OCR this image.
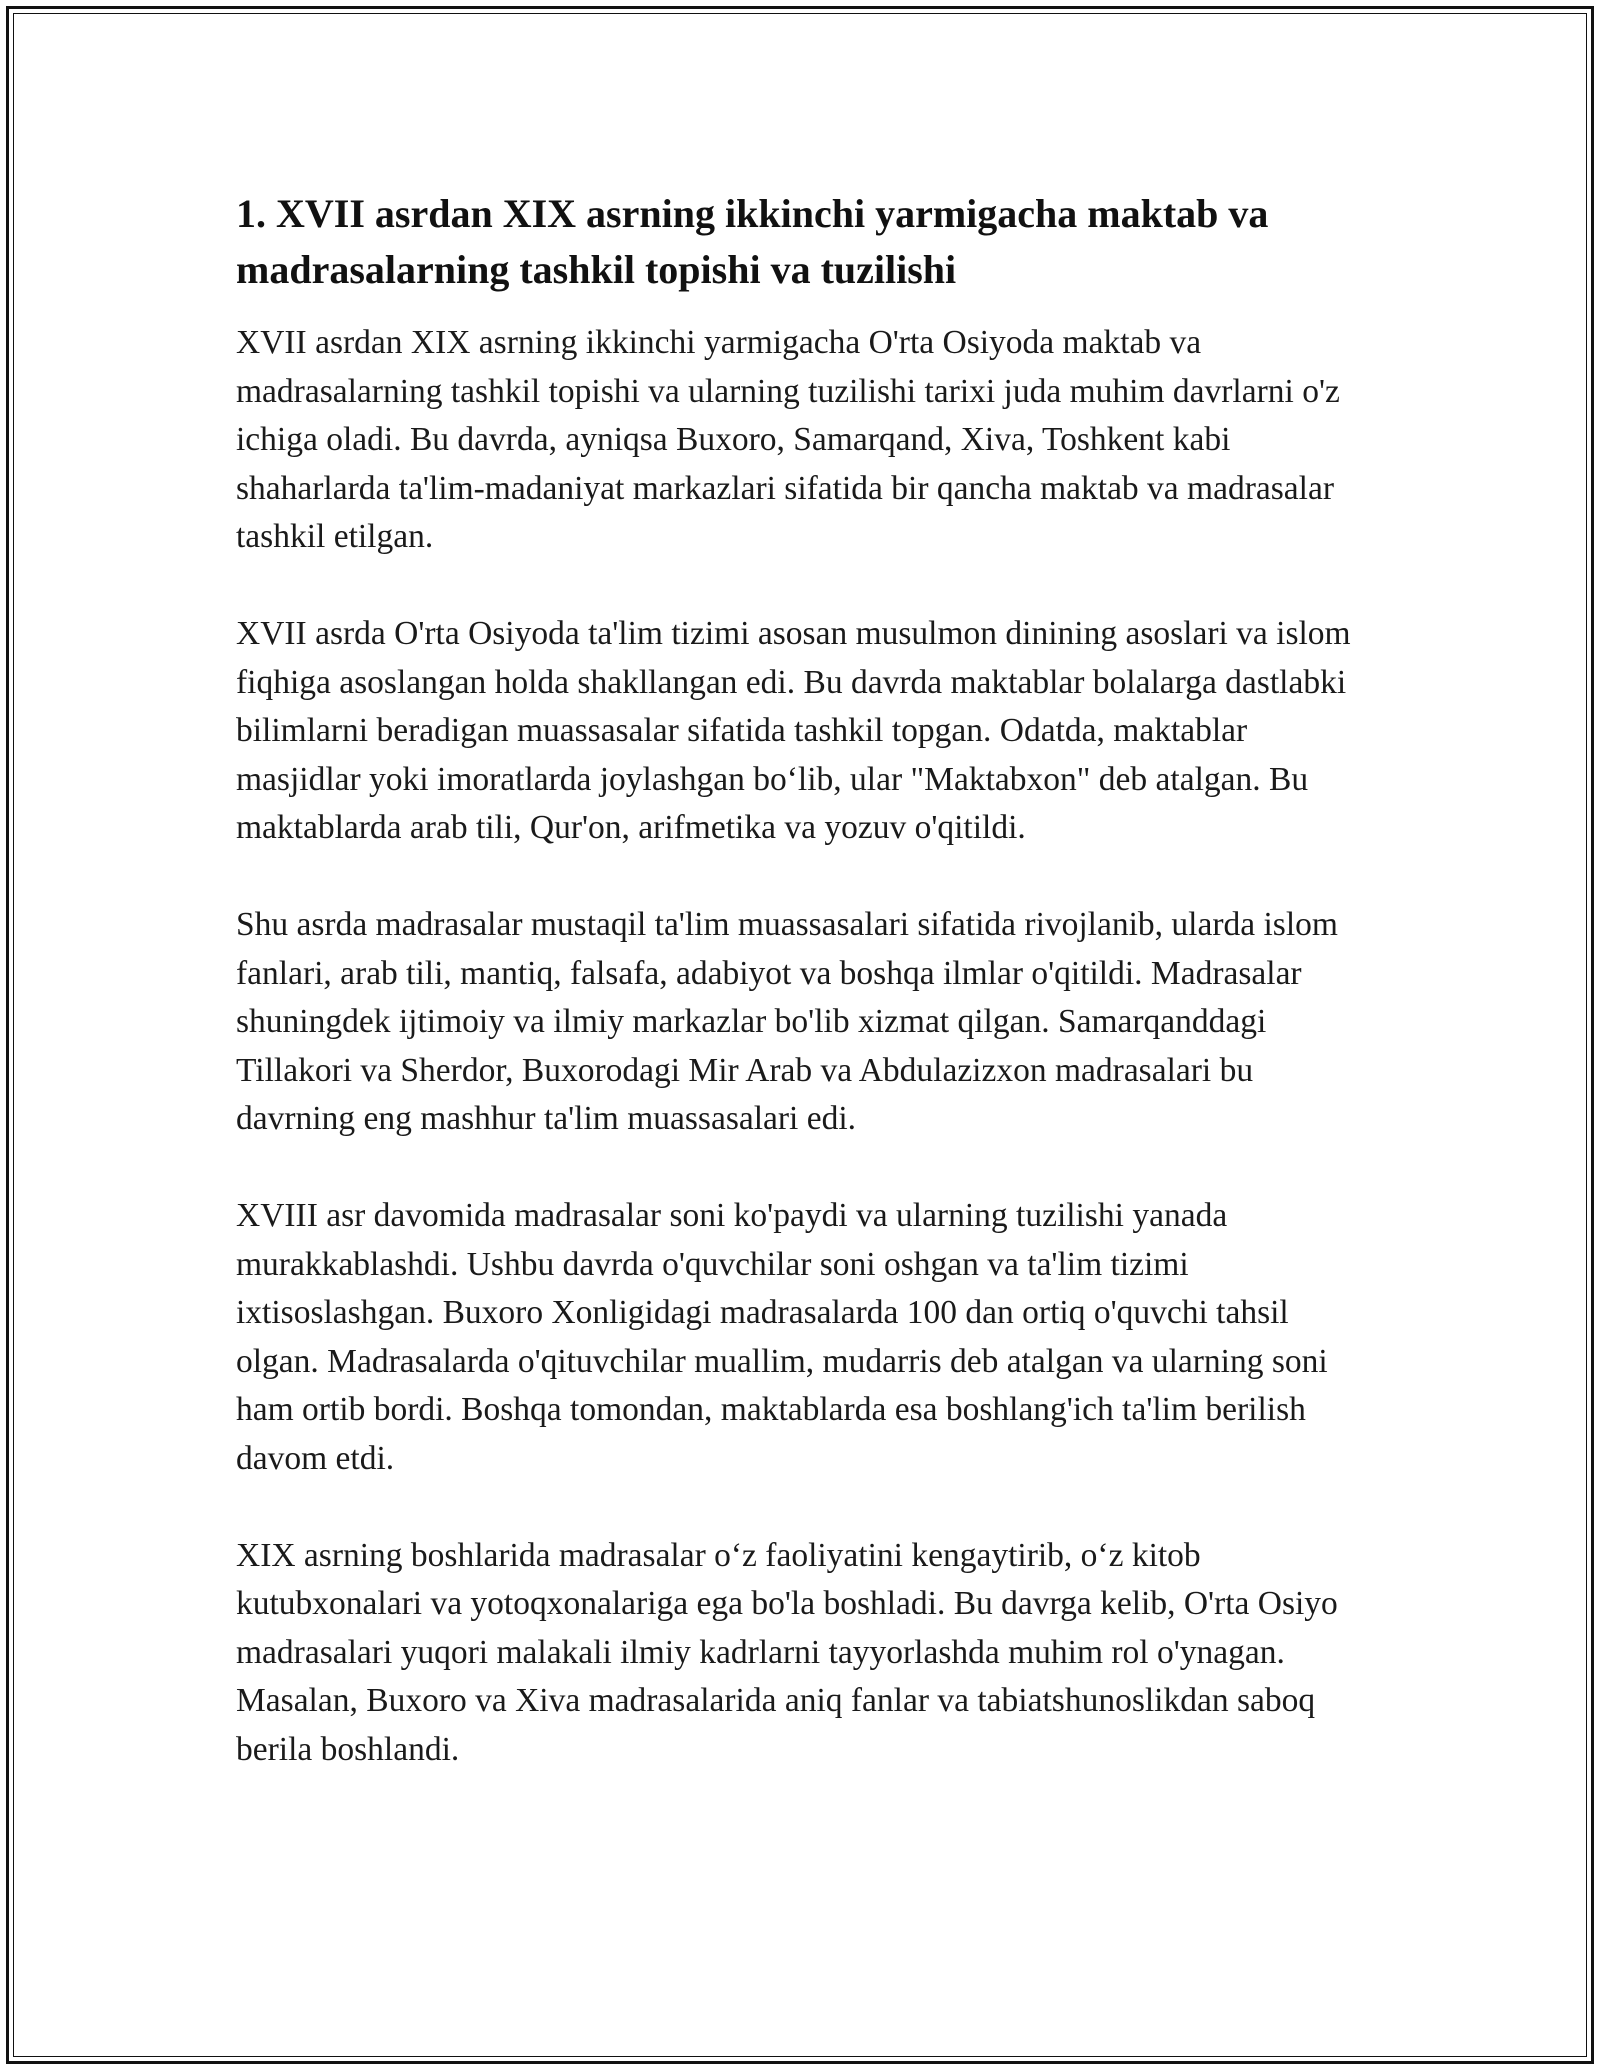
1. XVII asrdan XIX asrning ikkinchi yarmigacha maktab va madrasalarning tashkil topishi va tuzilishi

XVII asrdan XIX asrning ikkinchi yarmigacha O'rta Osiyoda maktab va madrasalarning tashkil topishi va ularning tuzilishi tarixi juda muhim davrlarni o'z ichiga oladi. Bu davrda, ayniqsa Buxoro, Samarqand, Xiva, Toshkent kabi shaharlarda ta'lim-madaniyat markazlari sifatida bir qancha maktab va madrasalar tashkil etilgan.

XVII asrda O'rta Osiyoda ta'lim tizimi asosan musulmon dinining asoslari va islom fiqhiga asoslangan holda shakllangan edi. Bu davrda maktablar bolalarga dastlabki bilimlarni beradigan muassasalar sifatida tashkil topgan. Odatda, maktablar masjidlar yoki imoratlarda joylashgan bo‘lib, ular "Maktabxon" deb atalgan. Bu maktablarda arab tili, Qur'on, arifmetika va yozuv o'qitildi.

Shu asrda madrasalar mustaqil ta'lim muassasalari sifatida rivojlanib, ularda islom fanlari, arab tili, mantiq, falsafa, adabiyot va boshqa ilmlar o'qitildi. Madrasalar shuningdek ijtimoiy va ilmiy markazlar bo'lib xizmat qilgan. Samarqanddagi Tillakori va Sherdor, Buxorodagi Mir Arab va Abdulazizxon madrasalari bu davrning eng mashhur ta'lim muassasalari edi.

XVIII asr davomida madrasalar soni ko'paydi va ularning tuzilishi yanada murakkablashdi. Ushbu davrda o'quvchilar soni oshgan va ta'lim tizimi ixtisoslashgan. Buxoro Xonligidagi madrasalarda 100 dan ortiq o'quvchi tahsil olgan. Madrasalarda o'qituvchilar muallim, mudarris deb atalgan va ularning soni ham ortib bordi. Boshqa tomondan, maktablarda esa boshlang'ich ta'lim berilish davom etdi.

XIX asrning boshlarida madrasalar o‘z faoliyatini kengaytirib, o‘z kitob kutubxonalari va yotoqxonalariga ega bo'la boshladi. Bu davrga kelib, O'rta Osiyo madrasalari yuqori malakali ilmiy kadrlarni tayyorlashda muhim rol o'ynagan. Masalan, Buxoro va Xiva madrasalarida aniq fanlar va tabiatshunoslikdan saboq berila boshlandi.
